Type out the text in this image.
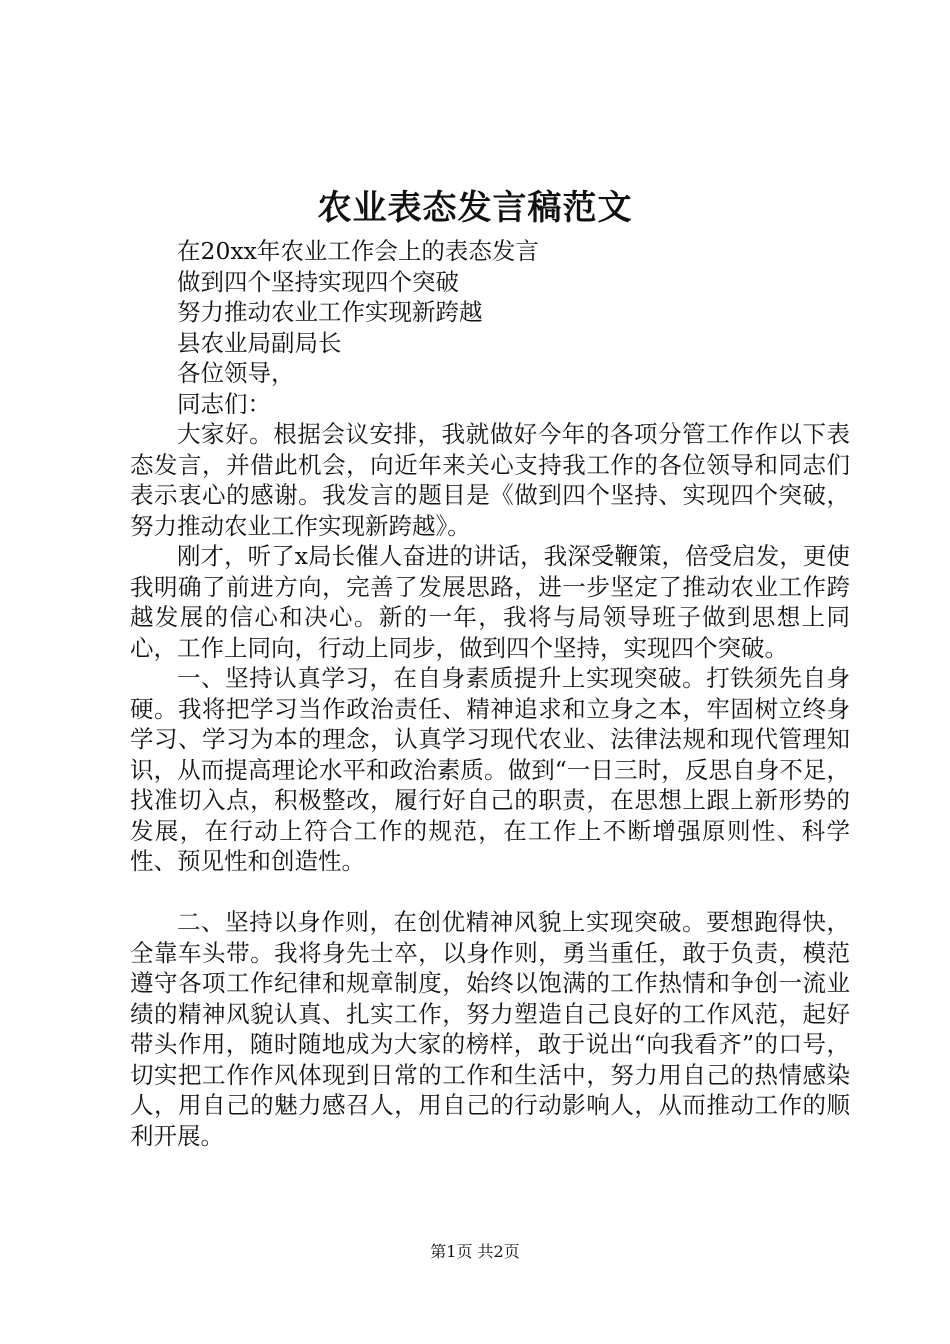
农业表态发言稿范文

在20xx年农业工作会上的表态发言

做到四个坚持实现四个突破

努力推动农业工作实现新跨越

县农业局副局长

各位领导，

同志们：

大家好。根据会议安排，我就做好今年的各项分管工作作以下表态发言，并借此机会，向近年来关心支持我工作的各位领导和同志们表示衷心的感谢。我发言的题目是《做到四个坚持、实现四个突破，努力推动农业工作实现新跨越》。

刚才，听了x局长催人奋进的讲话，我深受鞭策，倍受启发，更使我明确了前进方向，完善了发展思路，进一步坚定了推动农业工作跨越发展的信心和决心。新的一年，我将与局领导班子做到思想上同心，工作上同向，行动上同步，做到四个坚持，实现四个突破。

一、坚持认真学习，在自身素质提升上实现突破。打铁须先自身硬。我将把学习当作政治责任、精神追求和立身之本，牢固树立终身学习、学习为本的理念，认真学习现代农业、法律法规和现代管理知识，从而提高理论水平和政治素质。做到“一日三时，反思自身不足，找准切入点，积极整改，履行好自己的职责，在思想上跟上新形势的发展，在行动上符合工作的规范，在工作上不断增强原则性、科学性、预见性和创造性。

二、坚持以身作则，在创优精神风貌上实现突破。要想跑得快，全靠车头带。我将身先士卒，以身作则，勇当重任，敢于负责，模范遵守各项工作纪律和规章制度，始终以饱满的工作热情和争创一流业绩的精神风貌认真、扎实工作，努力塑造自己良好的工作风范，起好带头作用，随时随地成为大家的榜样，敢于说出“向我看齐”的口号，切实把工作作风体现到日常的工作和生活中，努力用自己的热情感染人，用自己的魅力感召人，用自己的行动影响人，从而推动工作的顺利开展。

第1页 共2页
